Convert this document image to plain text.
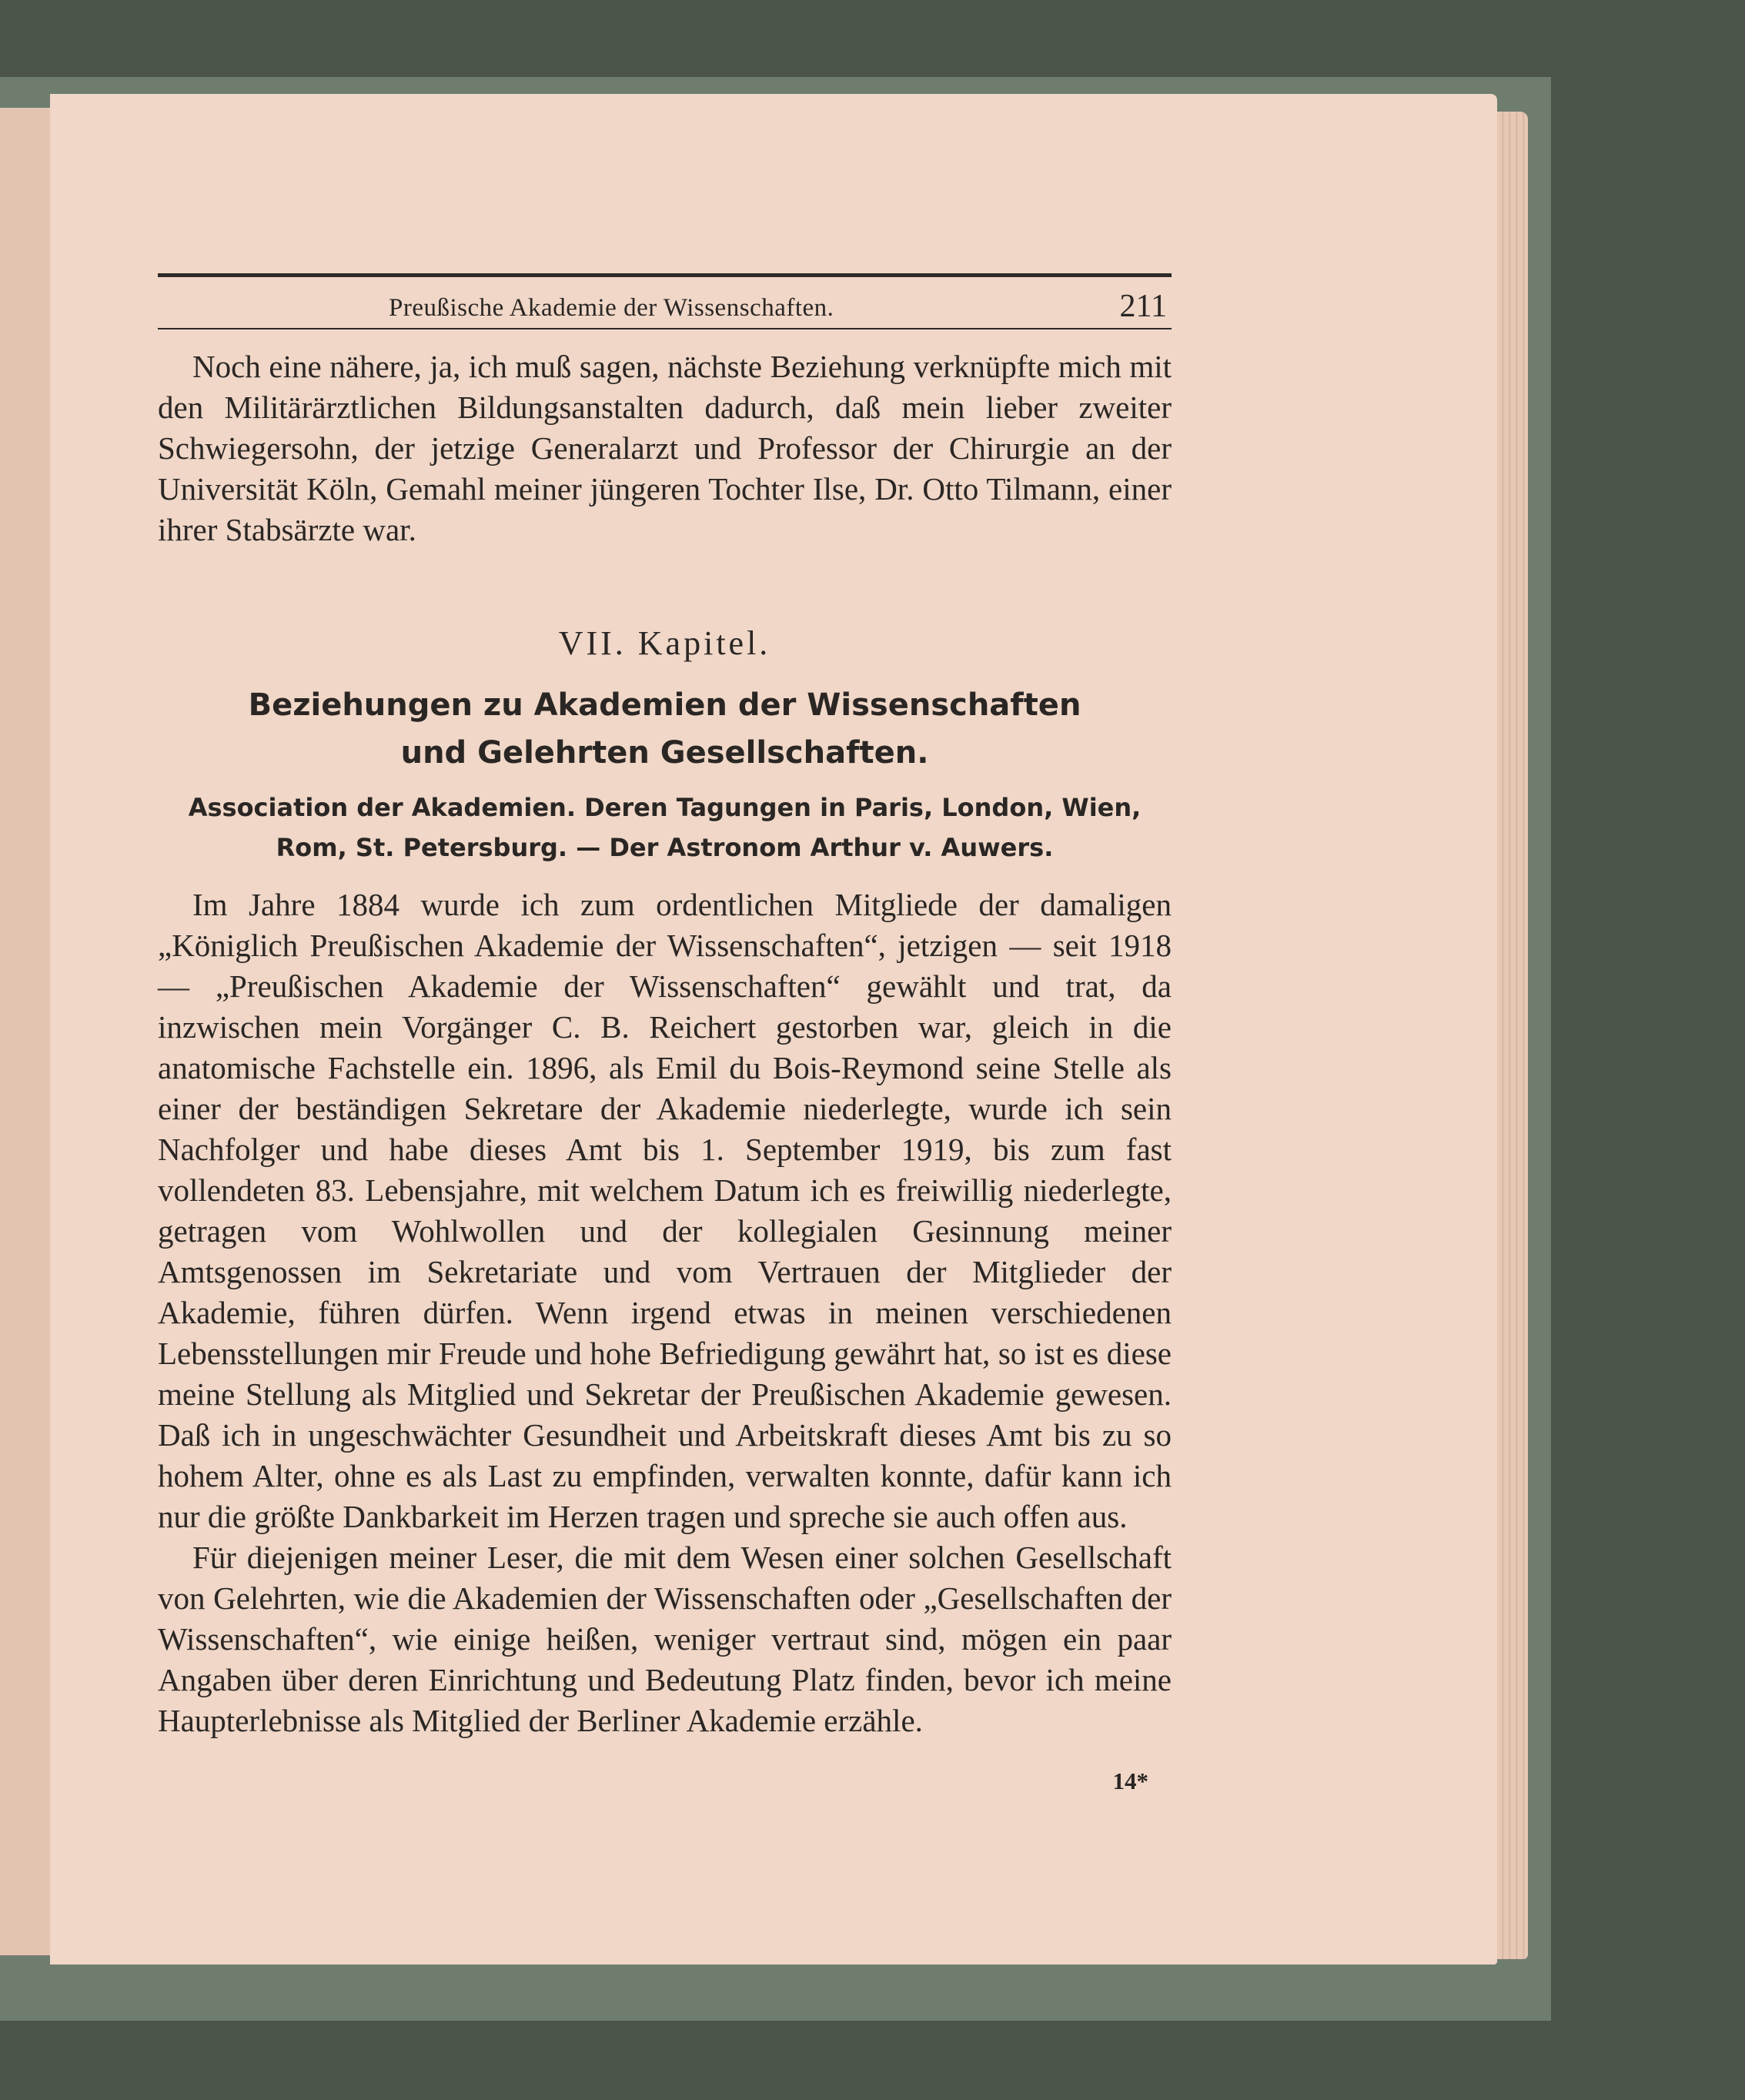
Preußische Akademie der Wissenschaften.	211

Noch eine nähere, ja, ich muß sagen, nächste Beziehung verknüpfte mich mit den Militärärztlichen Bildungsanstalten dadurch, daß mein lieber zweiter Schwiegersohn, der jetzige Generalarzt und Professor der Chirurgie an der Universität Köln, Gemahl meiner jüngeren Tochter Ilse, Dr. Otto Tilmann, einer ihrer Stabsärzte war.

VII. Kapitel.
Beziehungen zu Akademien der Wissenschaften
und Gelehrten Gesellschaften.
Association der Akademien. Deren Tagungen in Paris, London, Wien,
Rom, St. Petersburg. — Der Astronom Arthur v. Auwers.

Im Jahre 1884 wurde ich zum ordentlichen Mitgliede der damaligen „Königlich Preußischen Akademie der Wissenschaften“, jetzigen — seit 1918 — „Preußischen Akademie der Wissenschaften“ gewählt und trat, da inzwischen mein Vorgänger C. B. Reichert gestorben war, gleich in die anatomische Fachstelle ein. 1896, als Emil du Bois-Reymond seine Stelle als einer der beständigen Sekretare der Akademie niederlegte, wurde ich sein Nachfolger und habe dieses Amt bis 1. September 1919, bis zum fast vollendeten 83. Lebensjahre, mit welchem Datum ich es freiwillig niederlegte, getragen vom Wohlwollen und der kollegialen Gesinnung meiner Amtsgenossen im Sekretariate und vom Vertrauen der Mitglieder der Akademie, führen dürfen. Wenn irgend etwas in meinen verschiedenen Lebensstellungen mir Freude und hohe Befriedigung gewährt hat, so ist es diese meine Stellung als Mitglied und Sekretar der Preußischen Akademie gewesen. Daß ich in ungeschwächter Gesundheit und Arbeitskraft dieses Amt bis zu so hohem Alter, ohne es als Last zu empfinden, verwalten konnte, dafür kann ich nur die größte Dankbarkeit im Herzen tragen und spreche sie auch offen aus.

Für diejenigen meiner Leser, die mit dem Wesen einer solchen Gesellschaft von Gelehrten, wie die Akademien der Wissenschaften oder „Gesellschaften der Wissenschaften“, wie einige heißen, weniger vertraut sind, mögen ein paar Angaben über deren Einrichtung und Bedeutung Platz finden, bevor ich meine Haupterlebnisse als Mitglied der Berliner Akademie erzähle.

14*
